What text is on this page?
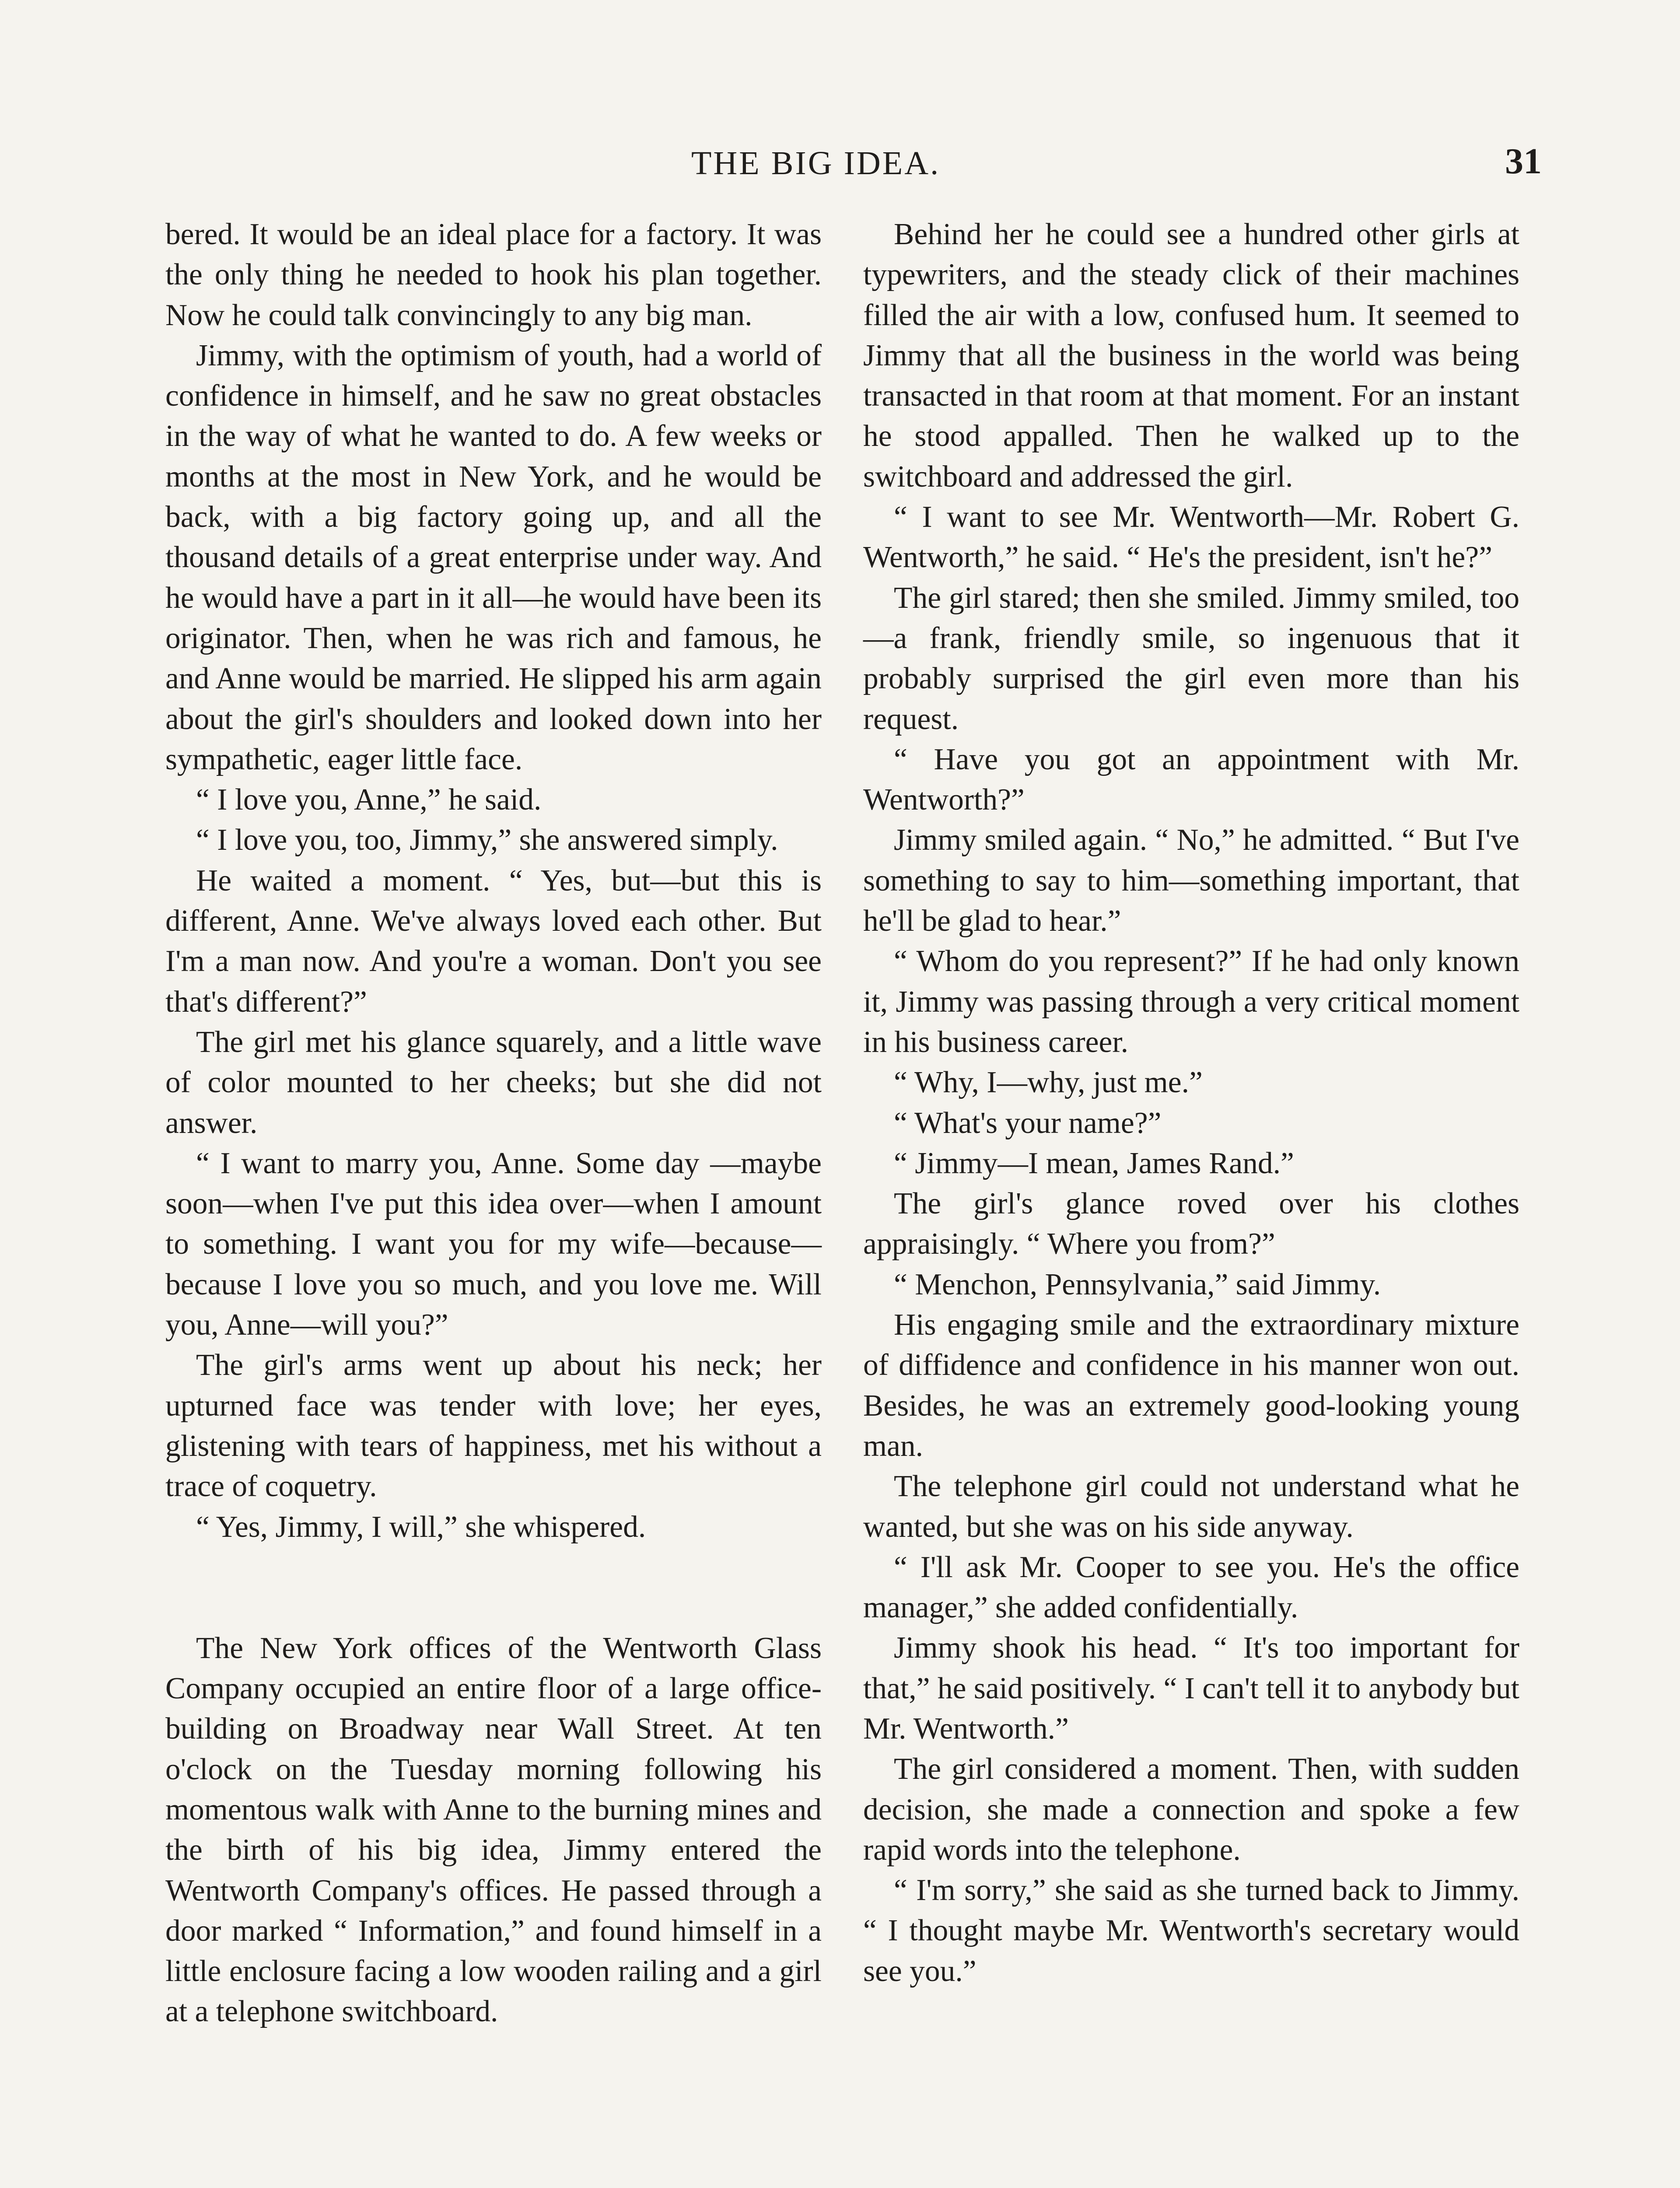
THE BIG IDEA.	31

bered. It would be an ideal place for a factory. It was the only thing he needed to hook his plan together. Now he could talk convincingly to any big man.

Jimmy, with the optimism of youth, had a world of confidence in himself, and he saw no great obstacles in the way of what he wanted to do. A few weeks or months at the most in New York, and he would be back, with a big factory going up, and all the thousand details of a great enterprise under way. And he would have a part in it all—he would have been its originator. Then, when he was rich and famous, he and Anne would be married. He slipped his arm again about the girl's shoulders and looked down into her sympathetic, eager little face.

“ I love you, Anne,” he said.

“ I love you, too, Jimmy,” she answered simply.

He waited a moment. “ Yes, but—but this is different, Anne. We've always loved each other. But I'm a man now. And you're a woman. Don't you see that's different?”

The girl met his glance squarely, and a little wave of color mounted to her cheeks; but she did not answer.

“ I want to marry you, Anne. Some day —maybe soon—when I've put this idea over—when I amount to something. I want you for my wife—because—because I love you so much, and you love me. Will you, Anne—will you?”

The girl's arms went up about his neck; her upturned face was tender with love; her eyes, glistening with tears of happiness, met his without a trace of coquetry.

“ Yes, Jimmy, I will,” she whispered.

The New York offices of the Wentworth Glass Company occupied an entire floor of a large office-building on Broadway near Wall Street. At ten o'clock on the Tuesday morning following his momentous walk with Anne to the burning mines and the birth of his big idea, Jimmy entered the Wentworth Company's offices. He passed through a door marked “ Information,” and found himself in a little enclosure facing a low wooden railing and a girl at a telephone switchboard.

Behind her he could see a hundred other girls at typewriters, and the steady click of their machines filled the air with a low, confused hum. It seemed to Jimmy that all the business in the world was being transacted in that room at that moment. For an instant he stood appalled. Then he walked up to the switchboard and addressed the girl.

“ I want to see Mr. Wentworth—Mr. Robert G. Wentworth,” he said. “ He's the president, isn't he?”

The girl stared; then she smiled. Jimmy smiled, too—a frank, friendly smile, so ingenuous that it probably surprised the girl even more than his request.

“ Have you got an appointment with Mr. Wentworth?”

Jimmy smiled again. “ No,” he admitted. “ But I've something to say to him—something important, that he'll be glad to hear.”

“ Whom do you represent?” If he had only known it, Jimmy was passing through a very critical moment in his business career.

“ Why, I—why, just me.”

“ What's your name?”

“ Jimmy—I mean, James Rand.”

The girl's glance roved over his clothes appraisingly. “ Where you from?”

“ Menchon, Pennsylvania,” said Jimmy.

His engaging smile and the extraordinary mixture of diffidence and confidence in his manner won out. Besides, he was an extremely good-looking young man.

The telephone girl could not understand what he wanted, but she was on his side anyway.

“ I'll ask Mr. Cooper to see you. He's the office manager,” she added confidentially.

Jimmy shook his head. “ It's too important for that,” he said positively. “ I can't tell it to anybody but Mr. Wentworth.”

The girl considered a moment. Then, with sudden decision, she made a connection and spoke a few rapid words into the telephone.

“ I'm sorry,” she said as she turned back to Jimmy. “ I thought maybe Mr. Wentworth's secretary would see you.”
